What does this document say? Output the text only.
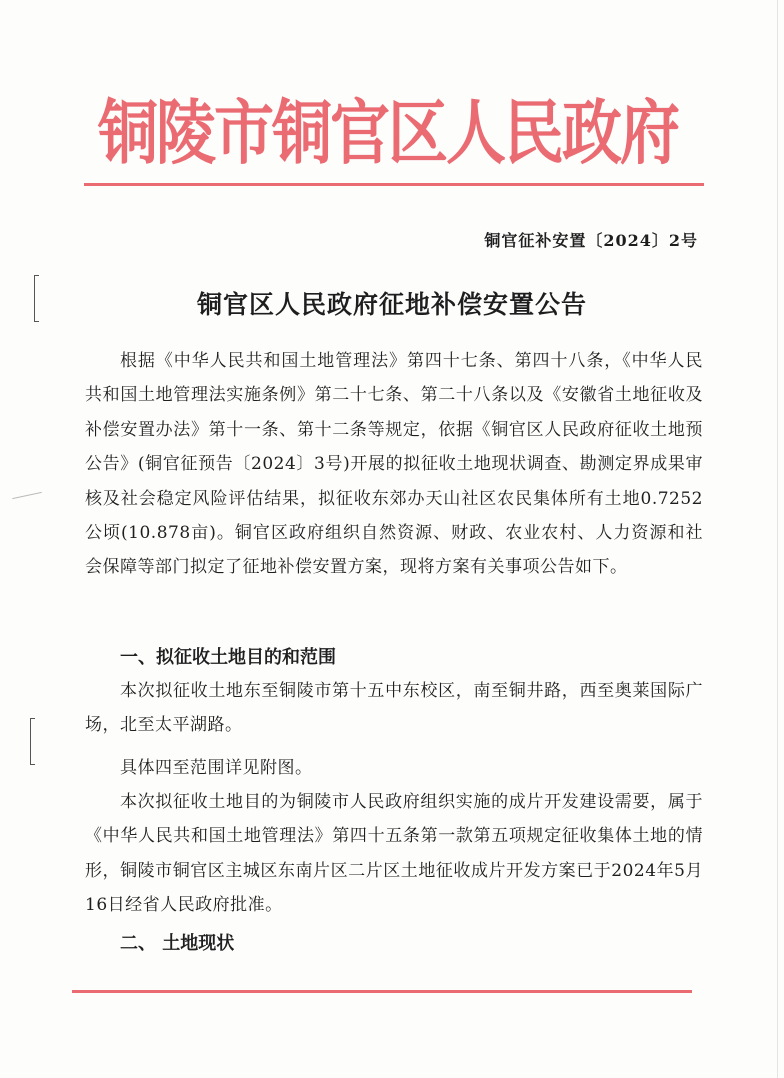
铜陵市铜官区人民政府
铜官征补安置〔2024〕2号
铜官区人民政府征地补偿安置公告
根据《中华人民共和国土地管理法》第四十七条、第四十八条，《中华人民共和国土地管理法实施条例》第二十七条、第二十八条以及《安徽省土地征收及补偿安置办法》第十一条、第十二条等规定，依据《铜官区人民政府征收土地预公告》(铜官征预告〔2024〕3号)开展的拟征收土地现状调查、勘测定界成果审核及社会稳定风险评估结果，拟征收东郊办天山社区农民集体所有土地0.7252公顷(10.878亩)。铜官区政府组织自然资源、财政、农业农村、人力资源和社会保障等部门拟定了征地补偿安置方案，现将方案有关事项公告如下。
一、拟征收土地目的和范围
本次拟征收土地东至铜陵市第十五中东校区，南至铜井路，西至奥莱国际广场，北至太平湖路。
具体四至范围详见附图。
本次拟征收土地目的为铜陵市人民政府组织实施的成片开发建设需要，属于《中华人民共和国土地管理法》第四十五条第一款第五项规定征收集体土地的情形，铜陵市铜官区主城区东南片区二片区土地征收成片开发方案已于2024年5月16日经省人民政府批准。
二、 土地现状
